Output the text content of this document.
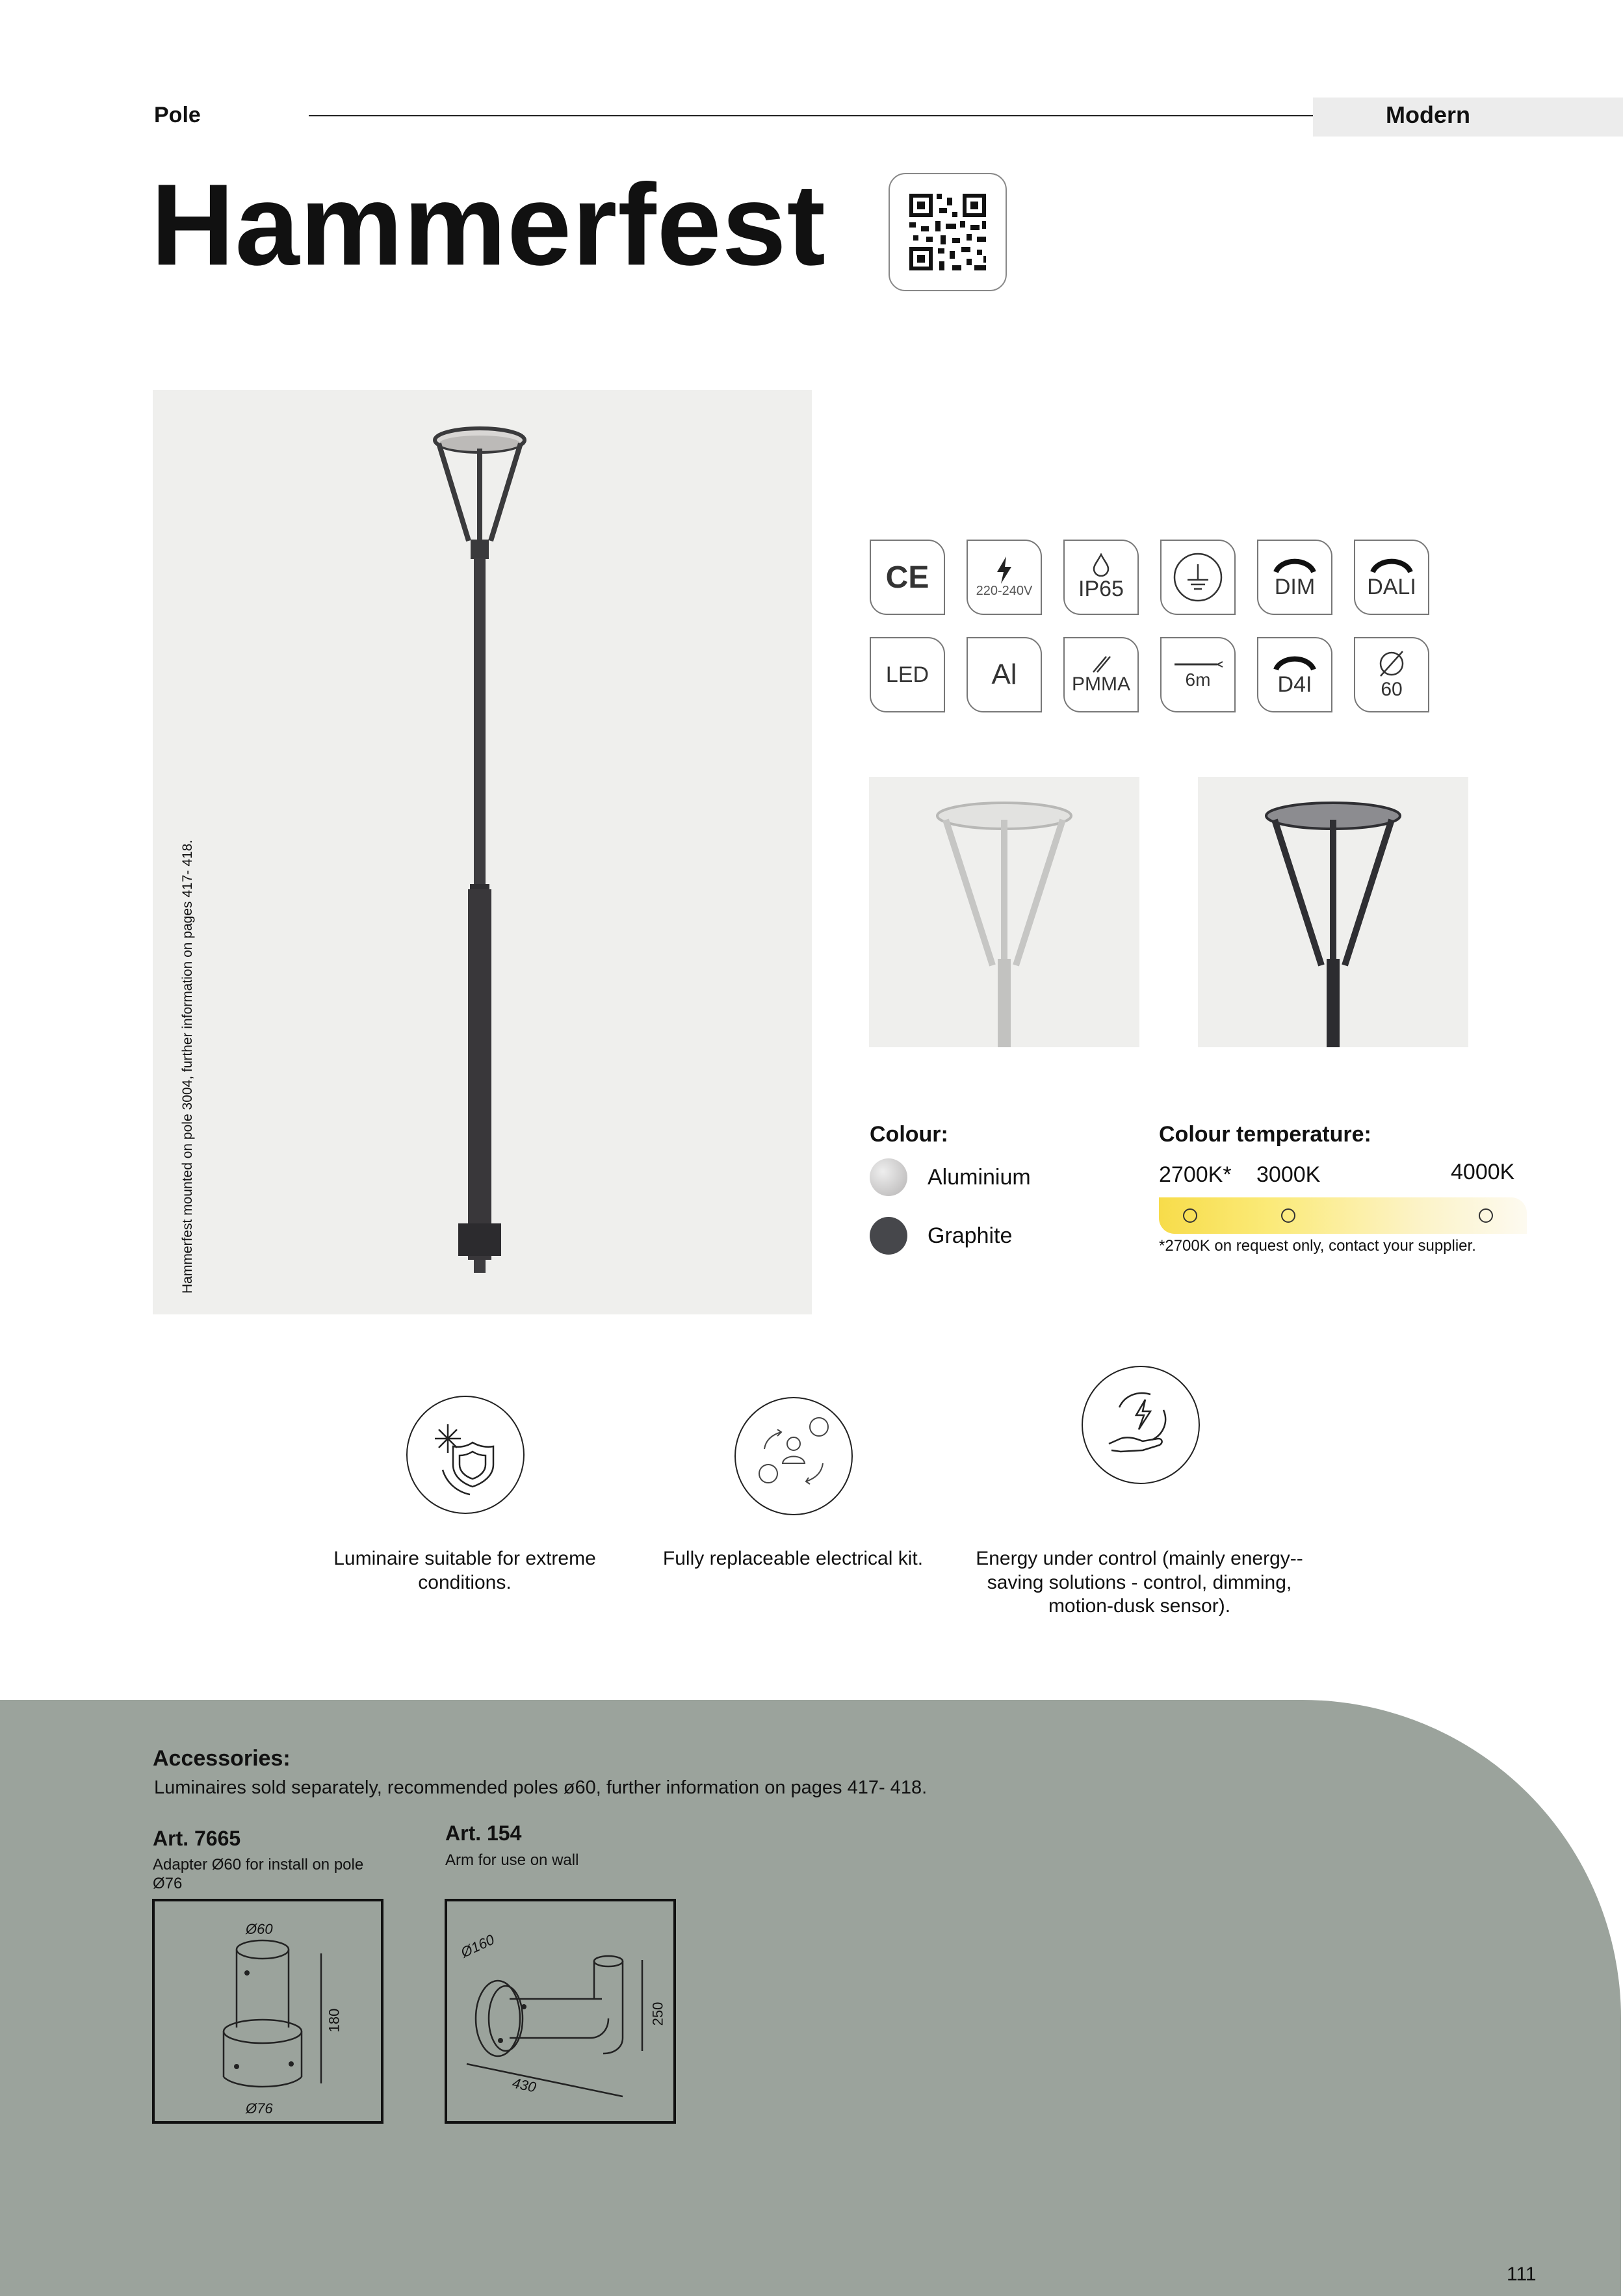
Pole	Modern
Hammerfest
Hammerfest mounted on pole 3004, further information on pages 417- 418.
CE	220-240V IP65	DIM DALI
LED Al	PMMA	6m	D4I	60
Colour:
Aluminium
Graphite
Colour temperature:
2700K* 3000K	4000K
*2700K on request only, contact your supplier.
Luminaire suitable for extreme conditions.
Fully replaceable electrical kit.	Energy under control (mainly energy--saving solutions - control, dimming, motion-dusk sensor).
Accessories:
Luminaires sold separately, recommended poles ø60, further information on pages 417- 418.
Art. 7665
Adapter Ø60 for install on pole Ø76
Art. 154
Arm for use on wall
Ø60
180
Ø76
Ø160
250
430
111
